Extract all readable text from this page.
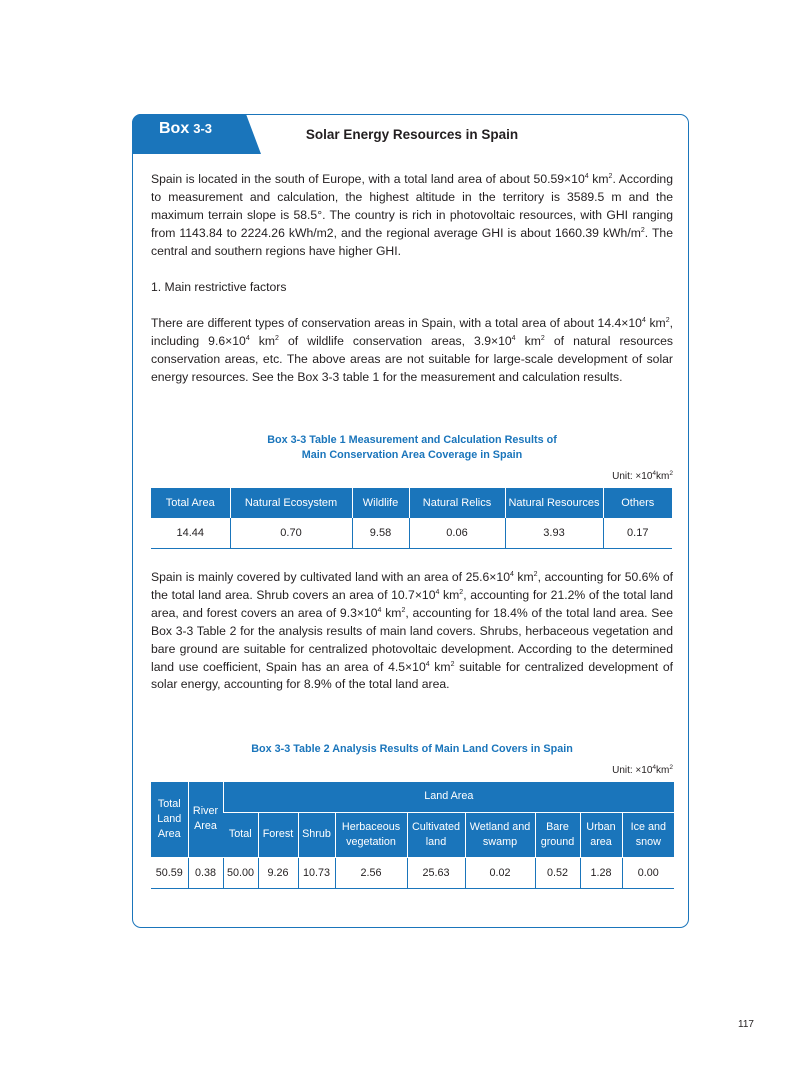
Box 3-3	Solar Energy Resources in Spain

Spain is located in the south of Europe, with a total land area of about $50.59\times 10^4$ $km^2$. According to measurement and calculation, the highest altitude in the territory is 3589.5 m and the maximum terrain slope is 58.5°. The country is rich in photovoltaic resources, with GHI ranging from 1143.84 to 2224.26 kWh/m2, and the regional average GHI is about 1660.39 kWh/$m^2$. The central and southern regions have higher GHI.

1. Main restrictive factors

There are different types of conservation areas in Spain, with a total area of about $14.4\times 10^4$ $km^2$, including $9.6\times 10^4$ $km^2$ of wildlife conservation areas, $3.9\times 10^4$ $km^2$ of natural resources conservation areas, etc. The above areas are not suitable for large-scale development of solar energy resources. See the Box 3-3 table 1 for the measurement and calculation results.

Box 3-3 Table 1 Measurement and Calculation Results of
Main Conservation Area Coverage in Spain
Unit: $\times 10^4km^2$
Total Area	Natural Ecosystem	Wildlife	Natural Relics	Natural Resources	Others
14.44	0.70	9.58	0.06	3.93	0.17

Spain is mainly covered by cultivated land with an area of $25.6\times 10^4$ $km^2$, accounting for 50.6% of the total land area. Shrub covers an area of $10.7\times 10^4$ $km^2$, accounting for 21.2% of the total land area, and forest covers an area of $9.3\times 10^4$ $km^2$, accounting for 18.4% of the total land area. See Box 3-3 Table 2 for the analysis results of main land covers. Shrubs, herbaceous vegetation and bare ground are suitable for centralized photovoltaic development. According to the determined land use coefficient, Spain has an area of $4.5\times 10^4$ $km^2$ suitable for centralized development of solar energy, accounting for 8.9% of the total land area.

Box 3-3 Table 2 Analysis Results of Main Land Covers in Spain
Unit: $\times 10^4km^2$
Total Land Area	River Area	Land Area								
		Total	Forest	Shrub	Herbaceous vegetation	Cultivated land	Wetland and swamp	Bare ground	Urban area	Ice and snow
50.59	0.38	50.00	9.26	10.73	2.56	25.63	0.02	0.52	1.28	0.00
117
